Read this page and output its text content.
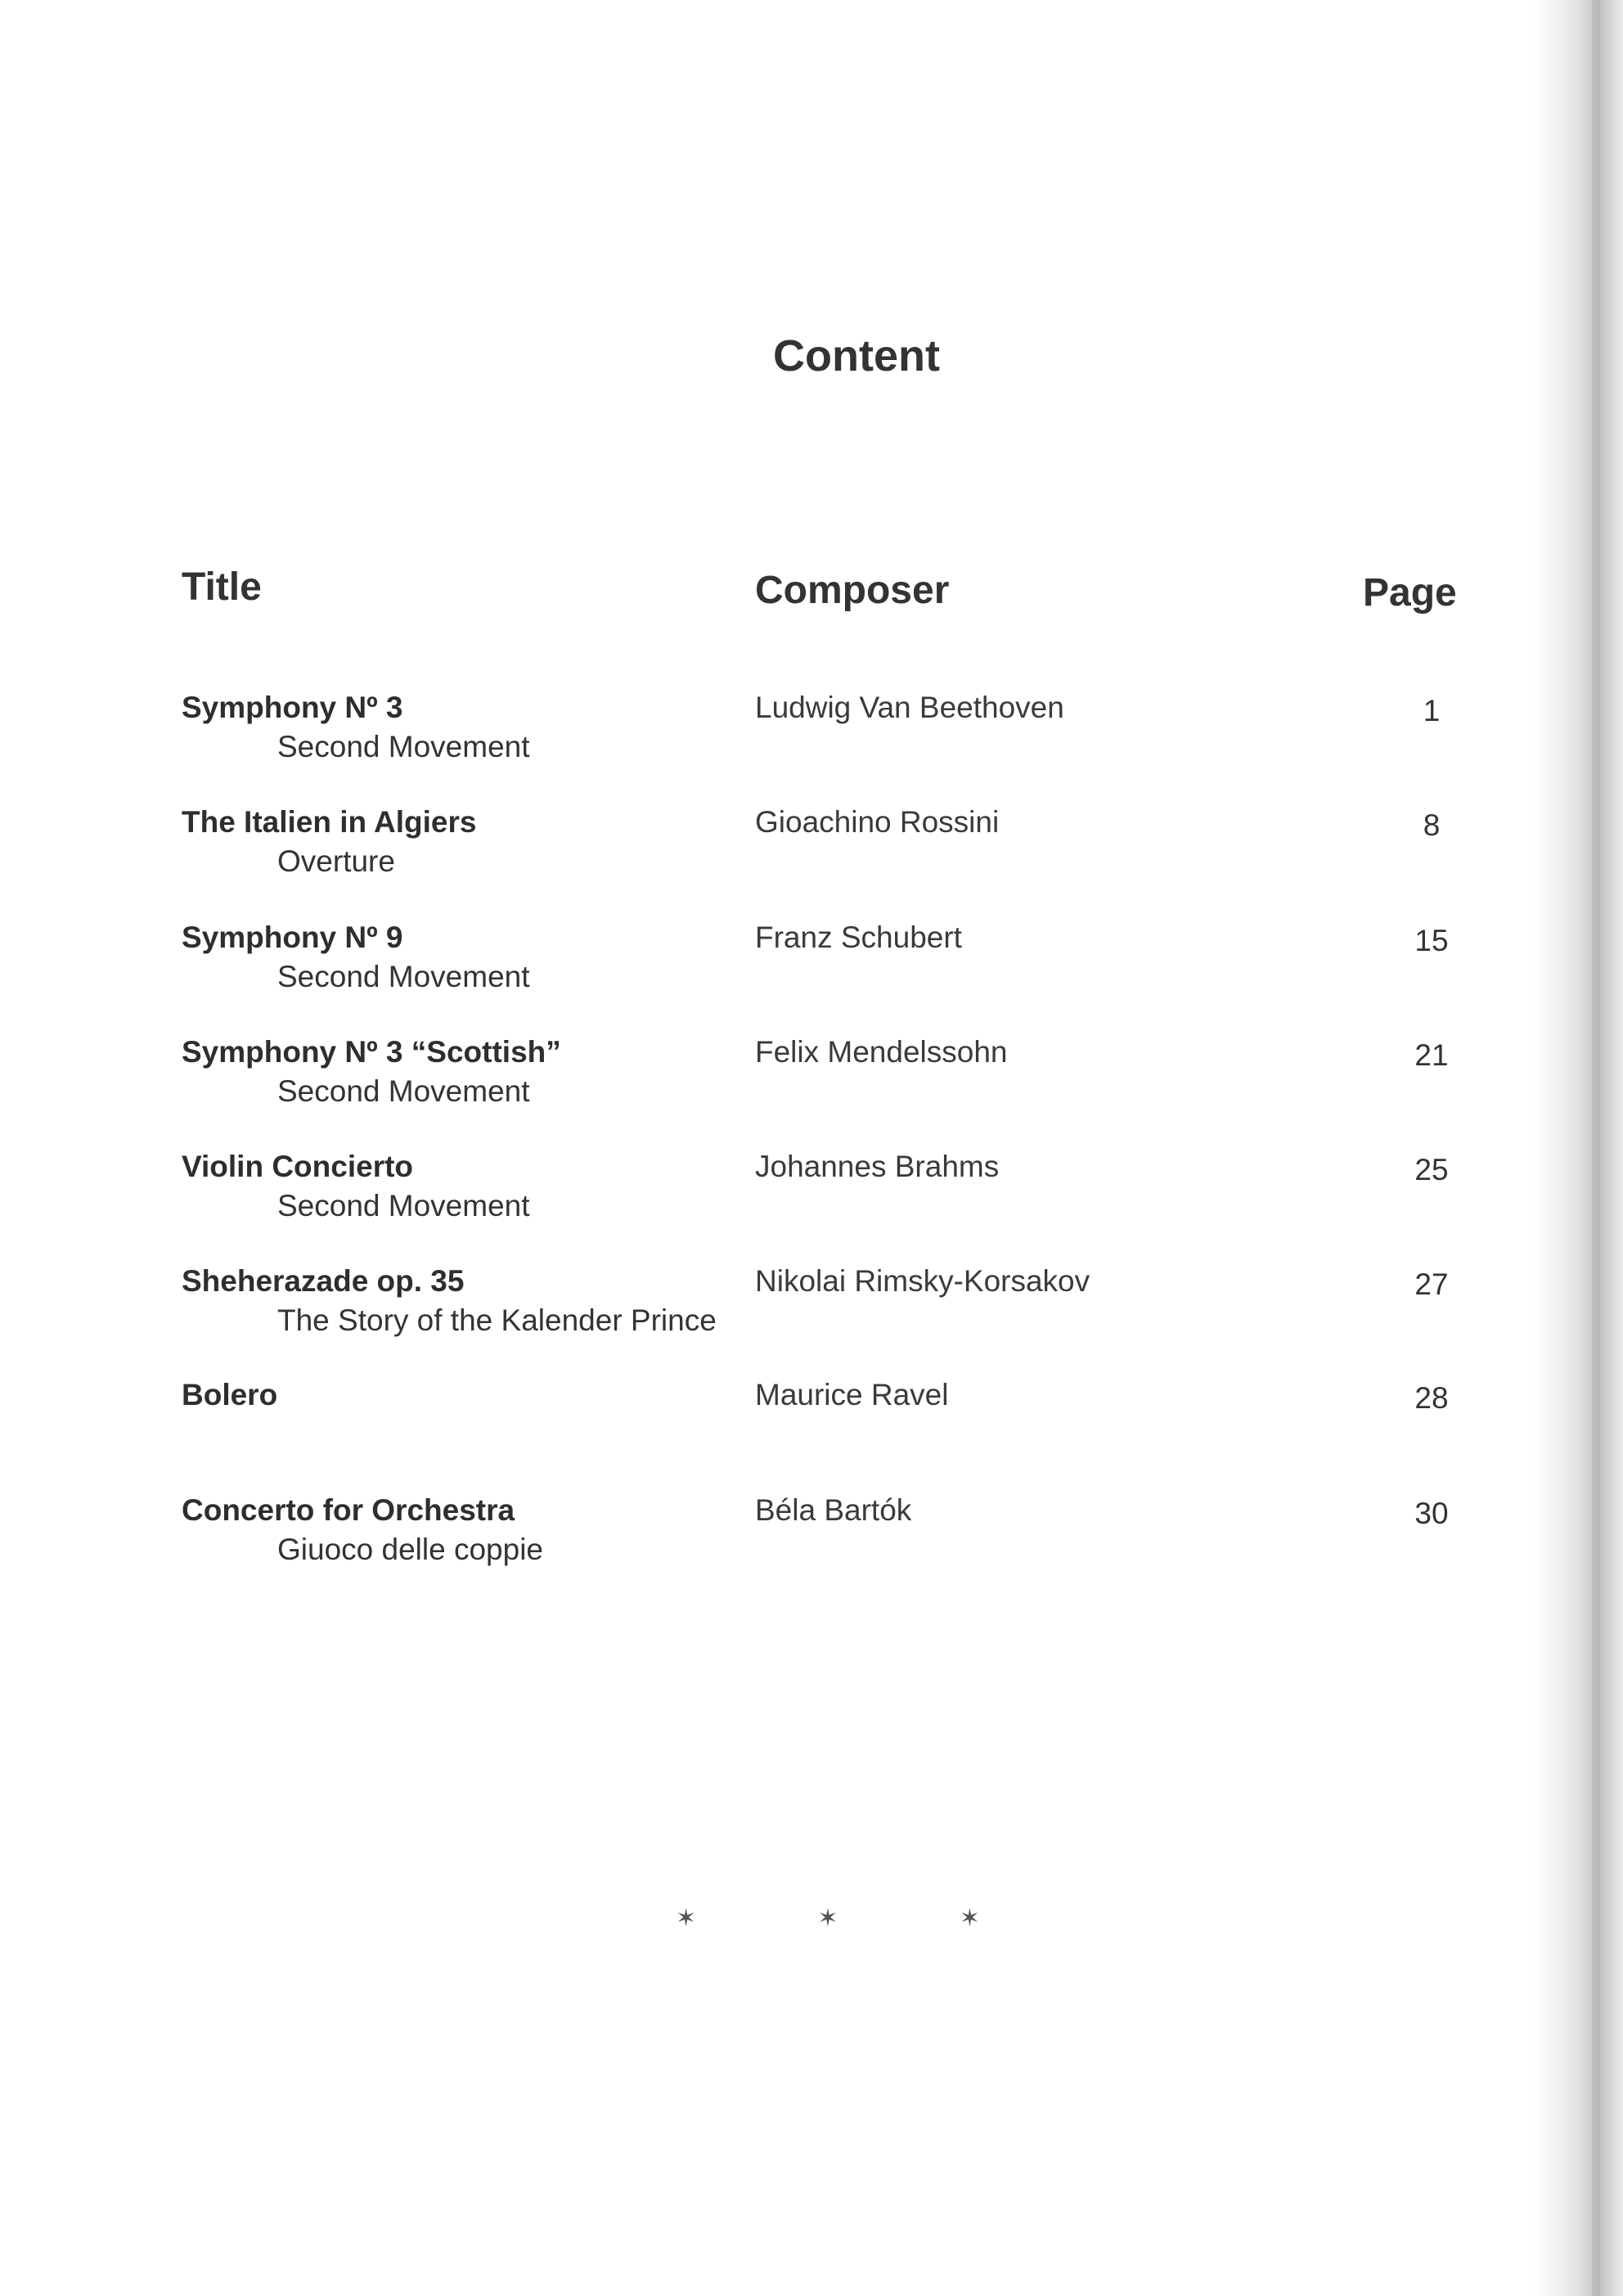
Content
Title	Composer	Page
Symphony Nº 3
Second Movement
Ludwig Van Beethoven	1
The Italien in Algiers
Overture
Gioachino Rossini	8
Symphony Nº 9
Second Movement
Franz Schubert	15
Symphony Nº 3 “Scottish”
Second Movement
Felix Mendelssohn	21
Violin Concierto
Second Movement
Johannes Brahms	25
Sheherazade op. 35
The Story of the Kalender Prince
Nikolai Rimsky-Korsakov	27
Bolero	Maurice Ravel	28
Concerto for Orchestra
Giuoco delle coppie
Béla Bartók	30
✶ ✶ ✶
